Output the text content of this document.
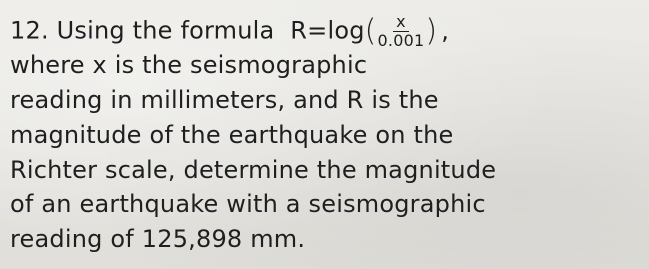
12. Using the formula $R=\log( \frac{x}{0.001}$ ) ,
where x is the seismographic
reading in millimeters, and R is the
magnitude of the earthquake on the
Richter scale, determine the magnitude
of an earthquake with a seismographic
reading of 125,898 mm.
